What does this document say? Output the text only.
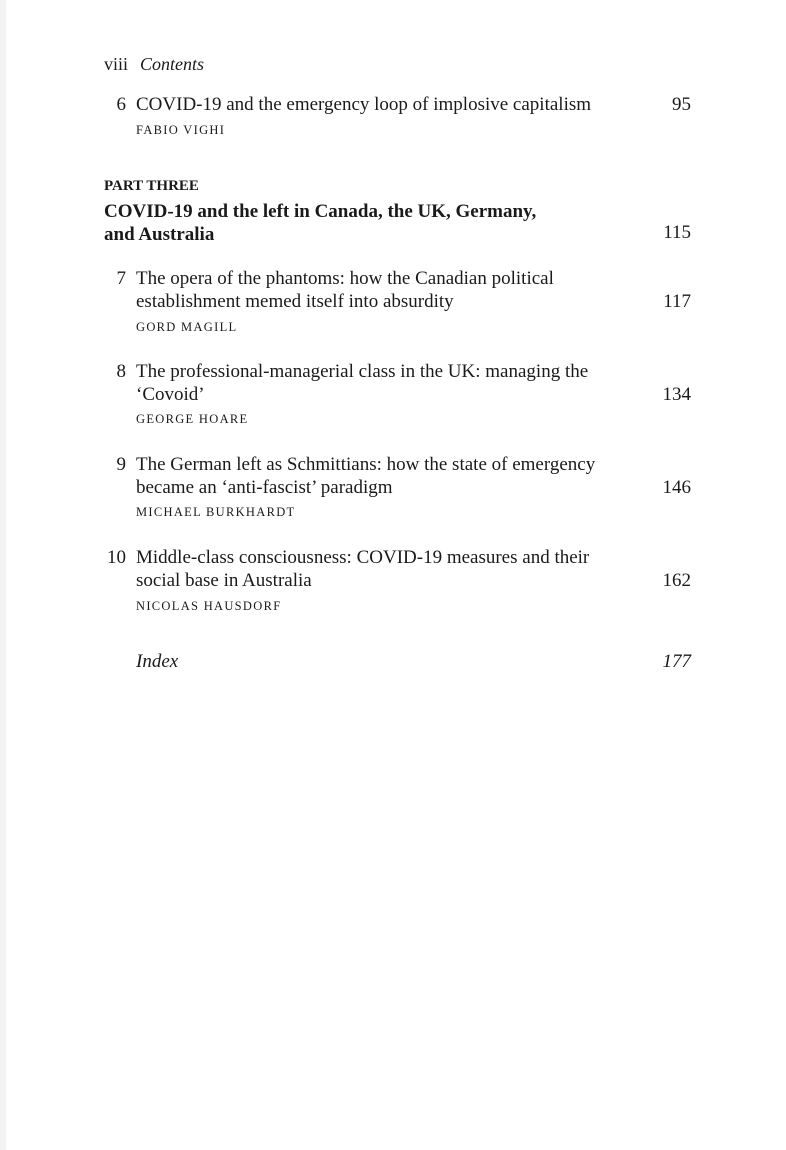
viii Contents
6 COVID-19 and the emergency loop of implosive capitalism
FABIO VIGHI
95
PART THREE
COVID-19 and the left in Canada, the UK, Germany,
and Australia	115
7 The opera of the phantoms: how the Canadian political
establishment memed itself into absurdity
GORD MAGILL
117
8 The professional-managerial class in the UK: managing the
‘Covoid’
GEORGE HOARE
134
9 The German left as Schmittians: how the state of emergency
became an ‘anti-fascist’ paradigm
MICHAEL BURKHARDT
146
10 Middle-class consciousness: COVID-19 measures and their
social base in Australia
NICOLAS HAUSDORF
162
Index	177
